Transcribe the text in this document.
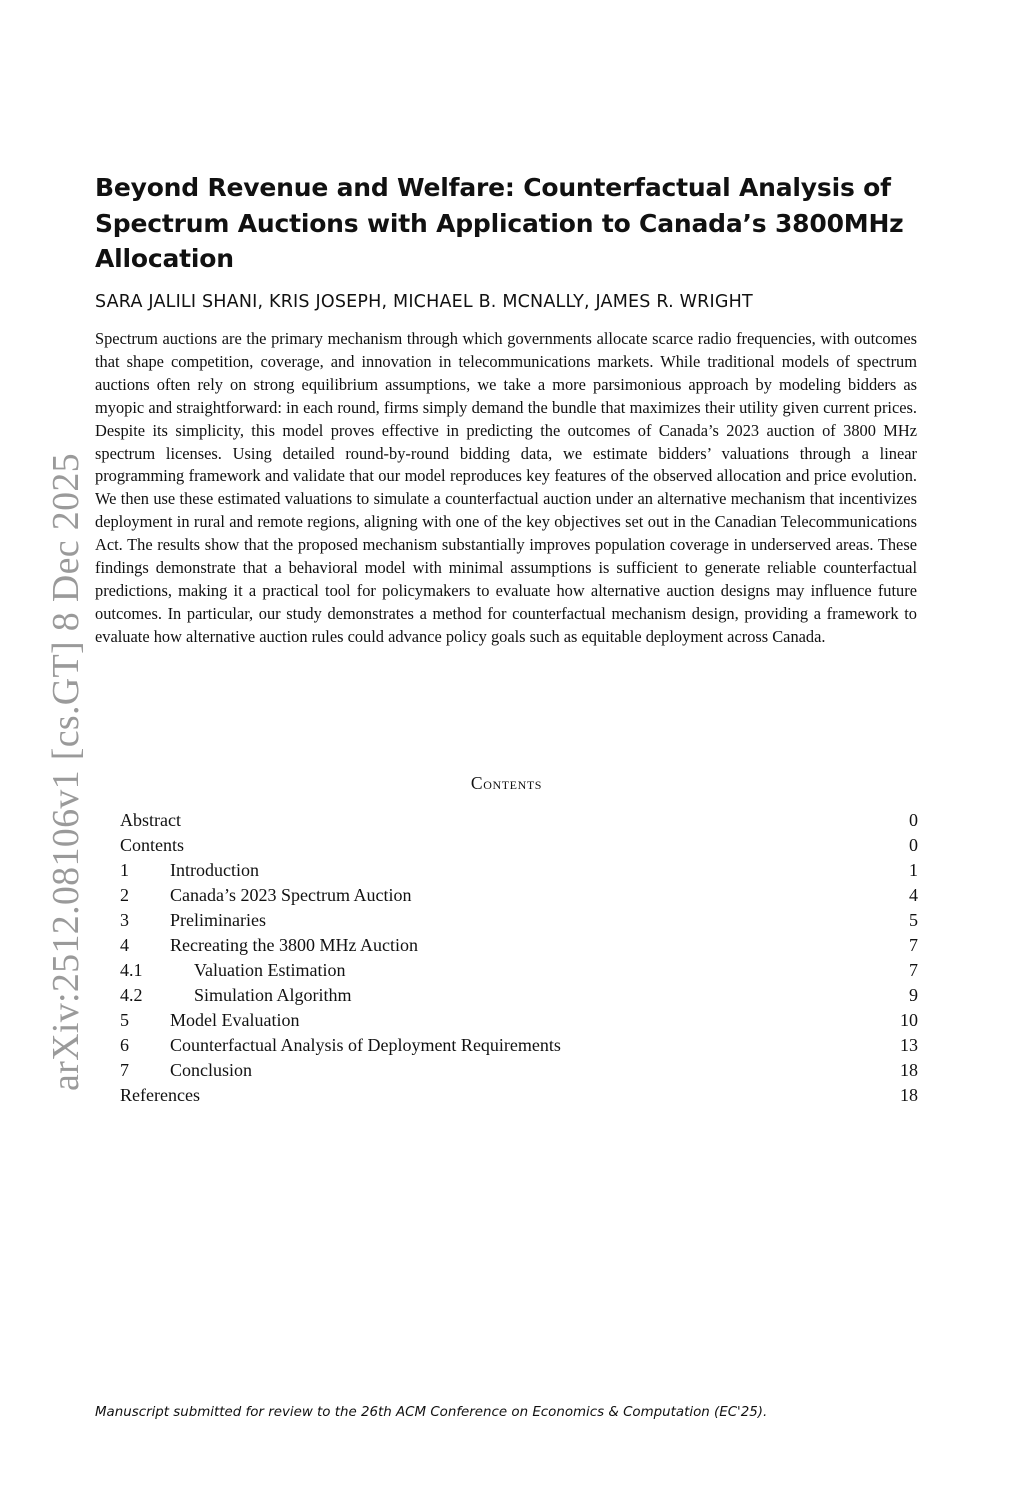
arXiv:2512.08106v1 [cs.GT] 8 Dec 2025
Beyond Revenue and Welfare: Counterfactual Analysis of
Spectrum Auctions with Application to Canada’s 3800MHz
Allocation
SARA JALILI SHANI, KRIS JOSEPH, MICHAEL B. MCNALLY, JAMES R. WRIGHT

Spectrum auctions are the primary mechanism through which governments allocate scarce radio frequencies, with outcomes that shape competition, coverage, and innovation in telecommunications markets. While traditional models of spectrum auctions often rely on strong equilibrium assumptions, we take a more parsimonious approach by modeling bidders as myopic and straightforward: in each round, firms simply demand the bundle that maximizes their utility given current prices. Despite its simplicity, this model proves effective in predicting the outcomes of Canada’s 2023 auction of 3800 MHz spectrum licenses. Using detailed round-by-round bidding data, we estimate bidders’ valuations through a linear programming framework and validate that our model reproduces key features of the observed allocation and price evolution. We then use these estimated valuations to simulate a counterfactual auction under an alternative mechanism that incentivizes deployment in rural and remote regions, aligning with one of the key objectives set out in the Canadian Telecommunications Act. The results show that the proposed mechanism substantially improves population coverage in underserved areas. These findings demonstrate that a behavioral model with minimal assumptions is sufficient to generate reliable counterfactual predictions, making it a practical tool for policymakers to evaluate how alternative auction designs may influence future outcomes. In particular, our study demonstrates a method for counterfactual mechanism design, providing a framework to evaluate how alternative auction rules could advance policy goals such as equitable deployment across Canada.

Contents
Abstract	0
Contents	0
1 Introduction	1
2 Canada’s 2023 Spectrum Auction	4
3 Preliminaries	5
4 Recreating the 3800 MHz Auction	7
4.1	Valuation Estimation	7
4.2	Simulation Algorithm	9
5 Model Evaluation	10
6 Counterfactual Analysis of Deployment Requirements	13
7 Conclusion	18
References	18
Manuscript submitted for review to the 26th ACM Conference on Economics & Computation (EC'25).
